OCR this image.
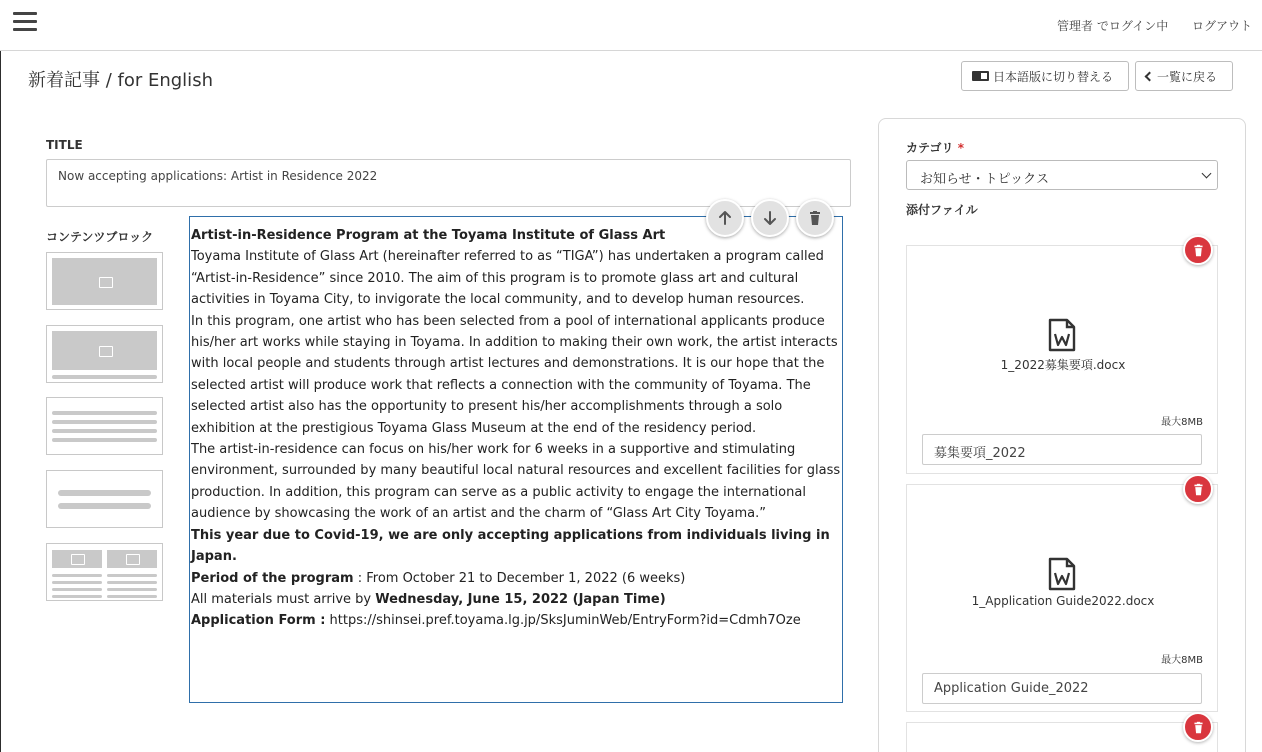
管理者 でログイン中 ログアウト
新着記事 / for English	日本語版に切り替える	一覧に戻る
TITLE
Now accepting applications: Artist in Residence 2022
コンテンツブロック	Artist-in-Residence Program at the Toyama Institute of Glass Art

Toyama Institute of Glass Art (hereinafter referred to as “TIGA”) has undertaken a program called “Artist-in-Residence” since 2010. The aim of this program is to promote glass art and cultural activities in Toyama City, to invigorate the local community, and to develop human resources.

In this program, one artist who has been selected from a pool of international applicants produce his/her art works while staying in Toyama. In addition to making their own work, the artist interacts with local people and students through artist lectures and demonstrations. It is our hope that the selected artist will produce work that reflects a connection with the community of Toyama. The selected artist also has the opportunity to present his/her accomplishments through a solo exhibition at the prestigious Toyama Glass Museum at the end of the residency period.

The artist-in-residence can focus on his/her work for 6 weeks in a supportive and stimulating environment, surrounded by many beautiful local natural resources and excellent facilities for glass production. In addition, this program can serve as a public activity to engage the international audience by showcasing the work of an artist and the charm of “Glass Art City Toyama.”

This year due to Covid-19, we are only accepting applications from individuals living in Japan.

Period of the program : From October 21 to December 1, 2022 (6 weeks)

All materials must arrive by Wednesday, June 15, 2022 (Japan Time)

Application Form : https://shinsei.pref.toyama.lg.jp/SksJuminWeb/EntryForm?id=Cdmh7Oze

カテゴリ *
お知らせ・トピックス
添付ファイル
1_2022募集要項.docx
最大8MB
募集要項_2022
1_Application Guide2022.docx
最大8MB
Application Guide_2022
